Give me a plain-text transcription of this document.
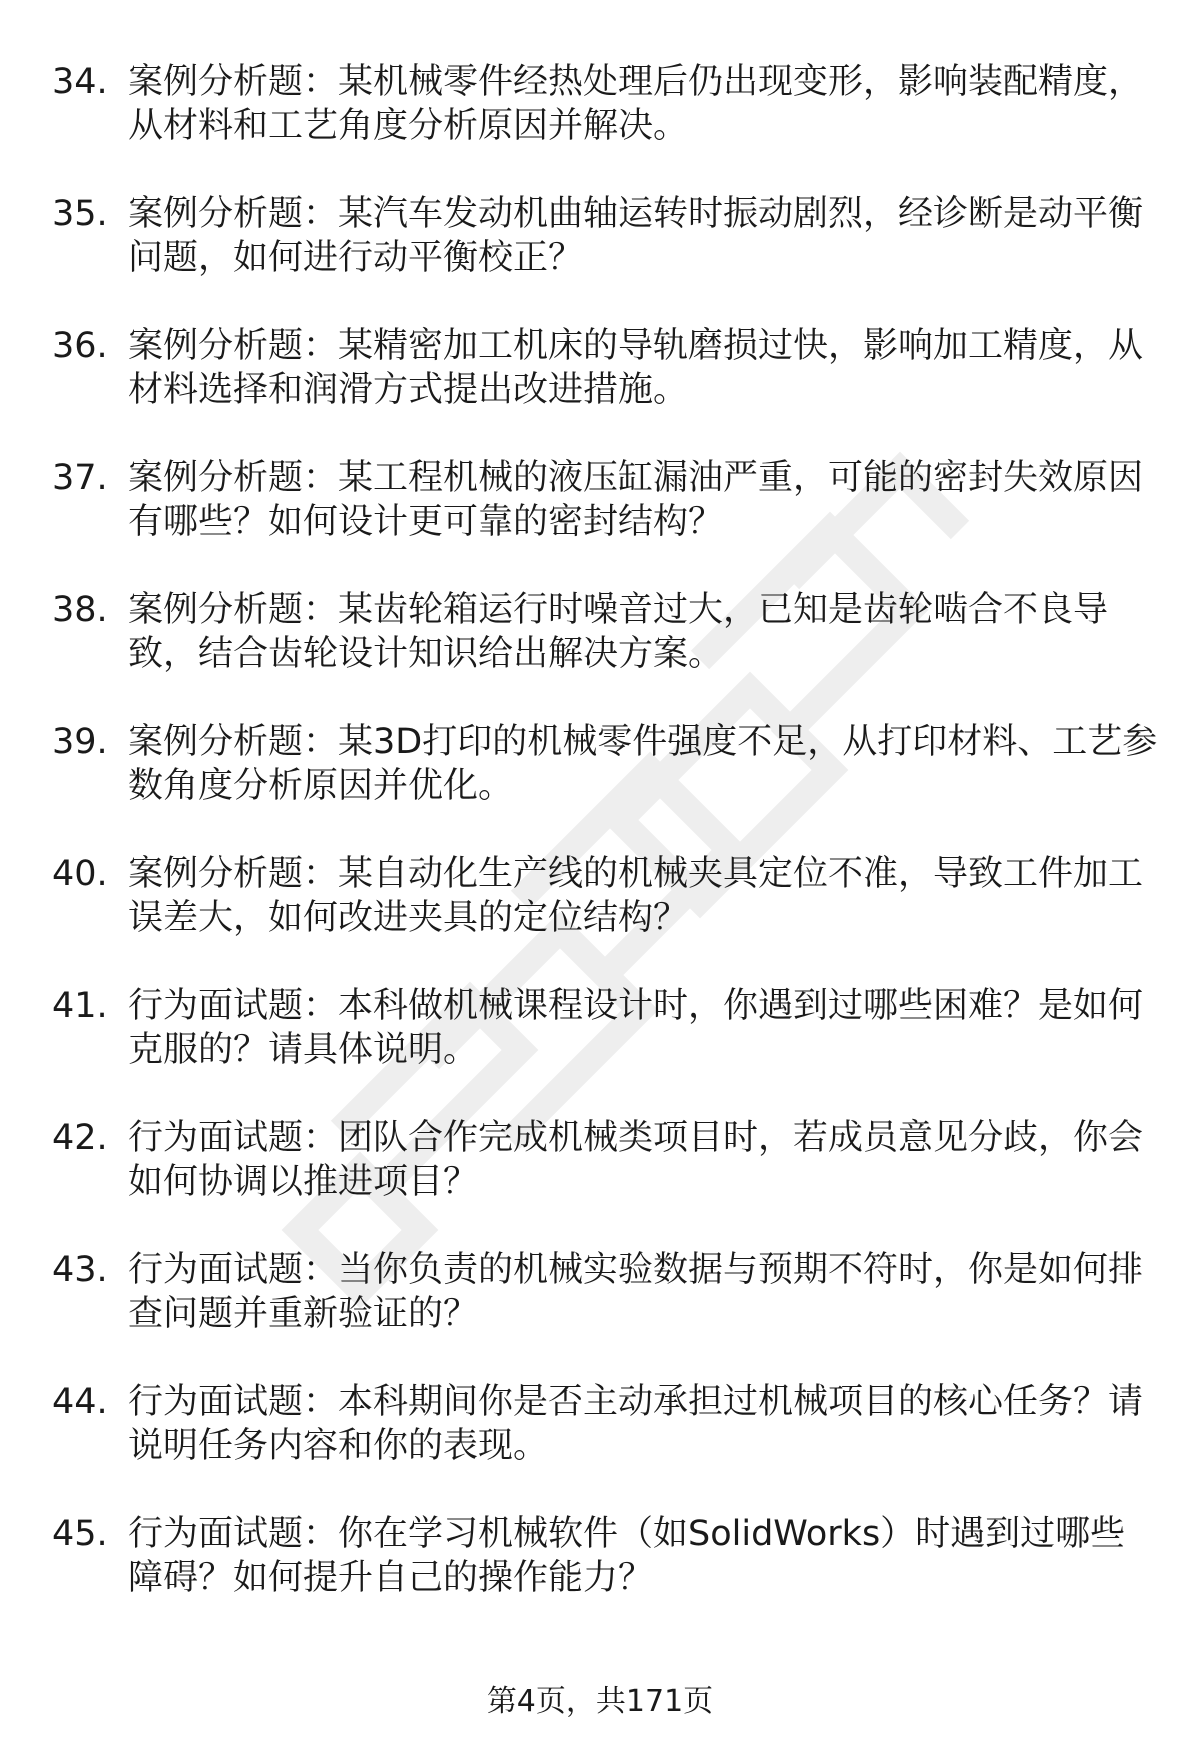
34. 案例分析题：某机械零件经热处理后仍出现变形，影响装配精度，从材料和工艺角度分析原因并解决。
35. 案例分析题：某汽车发动机曲轴运转时振动剧烈，经诊断是动平衡问题，如何进行动平衡校正？
36. 案例分析题：某精密加工机床的导轨磨损过快，影响加工精度，从材料选择和润滑方式提出改进措施。
37. 案例分析题：某工程机械的液压缸漏油严重，可能的密封失效原因有哪些？如何设计更可靠的密封结构？
38. 案例分析题：某齿轮箱运行时噪音过大，已知是齿轮啮合不良导致，结合齿轮设计知识给出解决方案。
39. 案例分析题：某3D打印的机械零件强度不足，从打印材料、工艺参数角度分析原因并优化。
40. 案例分析题：某自动化生产线的机械夹具定位不准，导致工件加工误差大，如何改进夹具的定位结构？
41. 行为面试题：本科做机械课程设计时，你遇到过哪些困难？是如何克服的？请具体说明。
42. 行为面试题：团队合作完成机械类项目时，若成员意见分歧，你会如何协调以推进项目？
43. 行为面试题：当你负责的机械实验数据与预期不符时，你是如何排查问题并重新验证的？
44. 行为面试题：本科期间你是否主动承担过机械项目的核心任务？请说明任务内容和你的表现。
45. 行为面试题：你在学习机械软件（如SolidWorks）时遇到过哪些障碍？如何提升自己的操作能力？
第4页，共171页
